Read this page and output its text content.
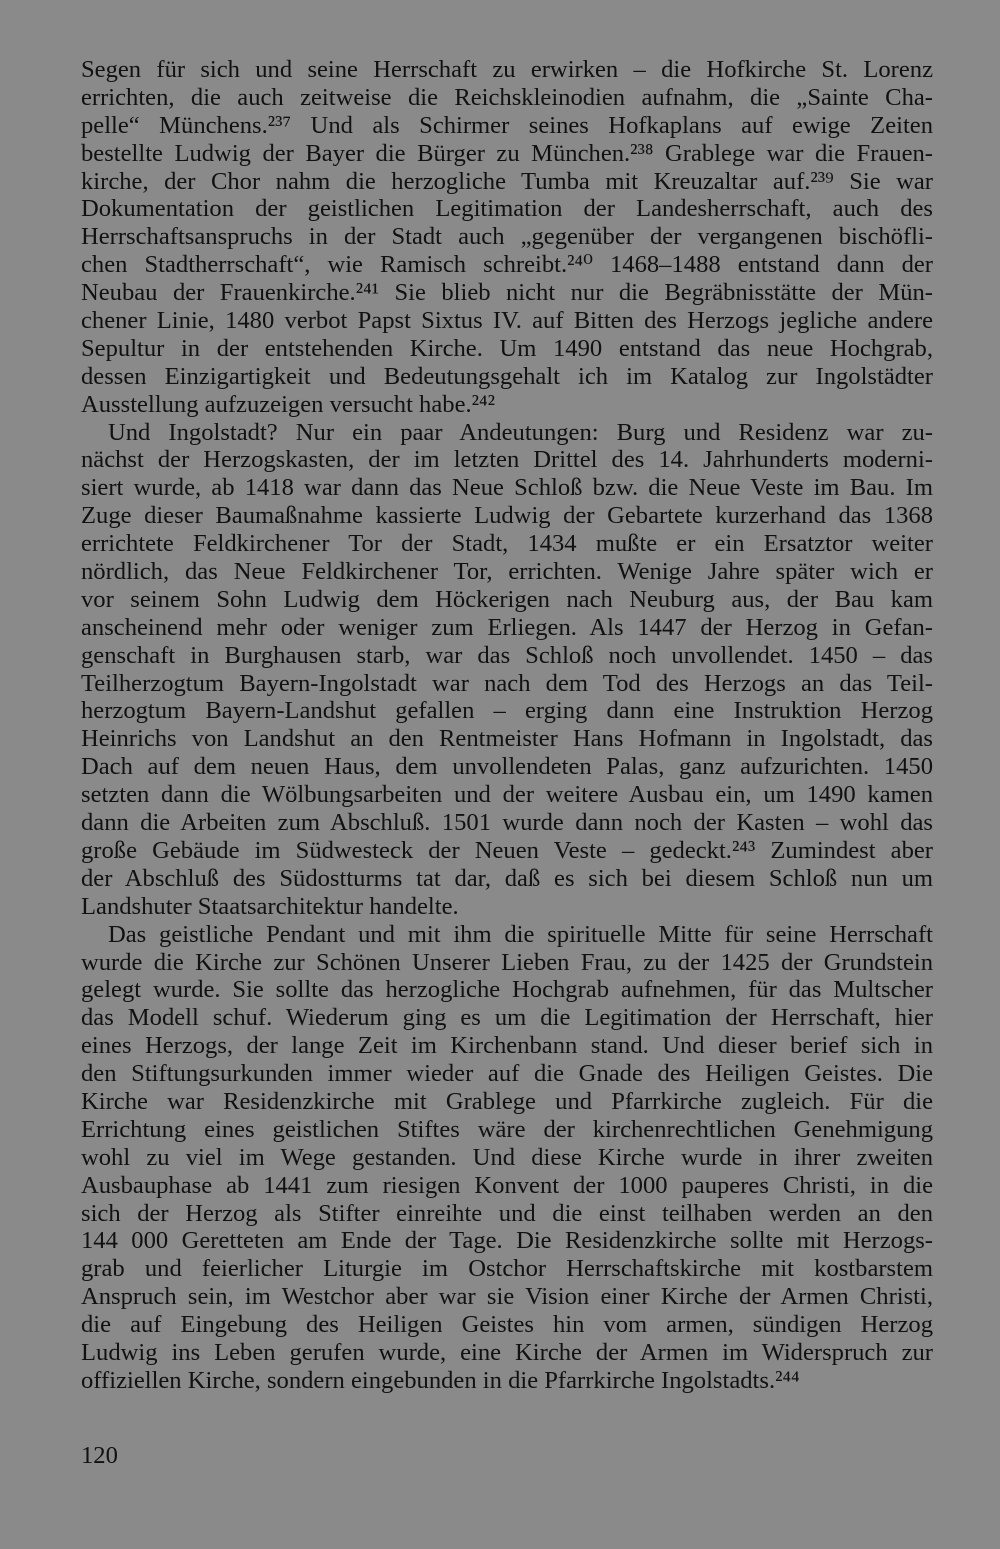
Segen für sich und seine Herrschaft zu erwirken – die Hofkirche St. Lorenz
errichten, die auch zeitweise die Reichskleinodien aufnahm, die „Sainte Cha-
pelle“ Münchens.²³⁷ Und als Schirmer seines Hofkaplans auf ewige Zeiten
bestellte Ludwig der Bayer die Bürger zu München.²³⁸ Grablege war die Frauen-
kirche, der Chor nahm die herzogliche Tumba mit Kreuzaltar auf.²³⁹ Sie war
Dokumentation der geistlichen Legitimation der Landesherrschaft, auch des
Herrschaftsanspruchs in der Stadt auch „gegenüber der vergangenen bischöfli-
chen Stadtherrschaft“, wie Ramisch schreibt.²⁴⁰ 1468–1488 entstand dann der
Neubau der Frauenkirche.²⁴¹ Sie blieb nicht nur die Begräbnisstätte der Mün-
chener Linie, 1480 verbot Papst Sixtus IV. auf Bitten des Herzogs jegliche andere
Sepultur in der entstehenden Kirche. Um 1490 entstand das neue Hochgrab,
dessen Einzigartigkeit und Bedeutungsgehalt ich im Katalog zur Ingolstädter
Ausstellung aufzuzeigen versucht habe.²⁴²
Und Ingolstadt? Nur ein paar Andeutungen: Burg und Residenz war zu-
nächst der Herzogskasten, der im letzten Drittel des 14. Jahrhunderts moderni-
siert wurde, ab 1418 war dann das Neue Schloß bzw. die Neue Veste im Bau. Im
Zuge dieser Baumaßnahme kassierte Ludwig der Gebartete kurzerhand das 1368
errichtete Feldkirchener Tor der Stadt, 1434 mußte er ein Ersatztor weiter
nördlich, das Neue Feldkirchener Tor, errichten. Wenige Jahre später wich er
vor seinem Sohn Ludwig dem Höckerigen nach Neuburg aus, der Bau kam
anscheinend mehr oder weniger zum Erliegen. Als 1447 der Herzog in Gefan-
genschaft in Burghausen starb, war das Schloß noch unvollendet. 1450 – das
Teilherzogtum Bayern-Ingolstadt war nach dem Tod des Herzogs an das Teil-
herzogtum Bayern-Landshut gefallen – erging dann eine Instruktion Herzog
Heinrichs von Landshut an den Rentmeister Hans Hofmann in Ingolstadt, das
Dach auf dem neuen Haus, dem unvollendeten Palas, ganz aufzurichten. 1450
setzten dann die Wölbungsarbeiten und der weitere Ausbau ein, um 1490 kamen
dann die Arbeiten zum Abschluß. 1501 wurde dann noch der Kasten – wohl das
große Gebäude im Südwesteck der Neuen Veste – gedeckt.²⁴³ Zumindest aber
der Abschluß des Südostturms tat dar, daß es sich bei diesem Schloß nun um
Landshuter Staatsarchitektur handelte.
Das geistliche Pendant und mit ihm die spirituelle Mitte für seine Herrschaft
wurde die Kirche zur Schönen Unserer Lieben Frau, zu der 1425 der Grundstein
gelegt wurde. Sie sollte das herzogliche Hochgrab aufnehmen, für das Multscher
das Modell schuf. Wiederum ging es um die Legitimation der Herrschaft, hier
eines Herzogs, der lange Zeit im Kirchenbann stand. Und dieser berief sich in
den Stiftungsurkunden immer wieder auf die Gnade des Heiligen Geistes. Die
Kirche war Residenzkirche mit Grablege und Pfarrkirche zugleich. Für die
Errichtung eines geistlichen Stiftes wäre der kirchenrechtlichen Genehmigung
wohl zu viel im Wege gestanden. Und diese Kirche wurde in ihrer zweiten
Ausbauphase ab 1441 zum riesigen Konvent der 1000 pauperes Christi, in die
sich der Herzog als Stifter einreihte und die einst teilhaben werden an den
144 000 Geretteten am Ende der Tage. Die Residenzkirche sollte mit Herzogs-
grab und feierlicher Liturgie im Ostchor Herrschaftskirche mit kostbarstem
Anspruch sein, im Westchor aber war sie Vision einer Kirche der Armen Christi,
die auf Eingebung des Heiligen Geistes hin vom armen, sündigen Herzog
Ludwig ins Leben gerufen wurde, eine Kirche der Armen im Widerspruch zur
offiziellen Kirche, sondern eingebunden in die Pfarrkirche Ingolstadts.²⁴⁴
120
